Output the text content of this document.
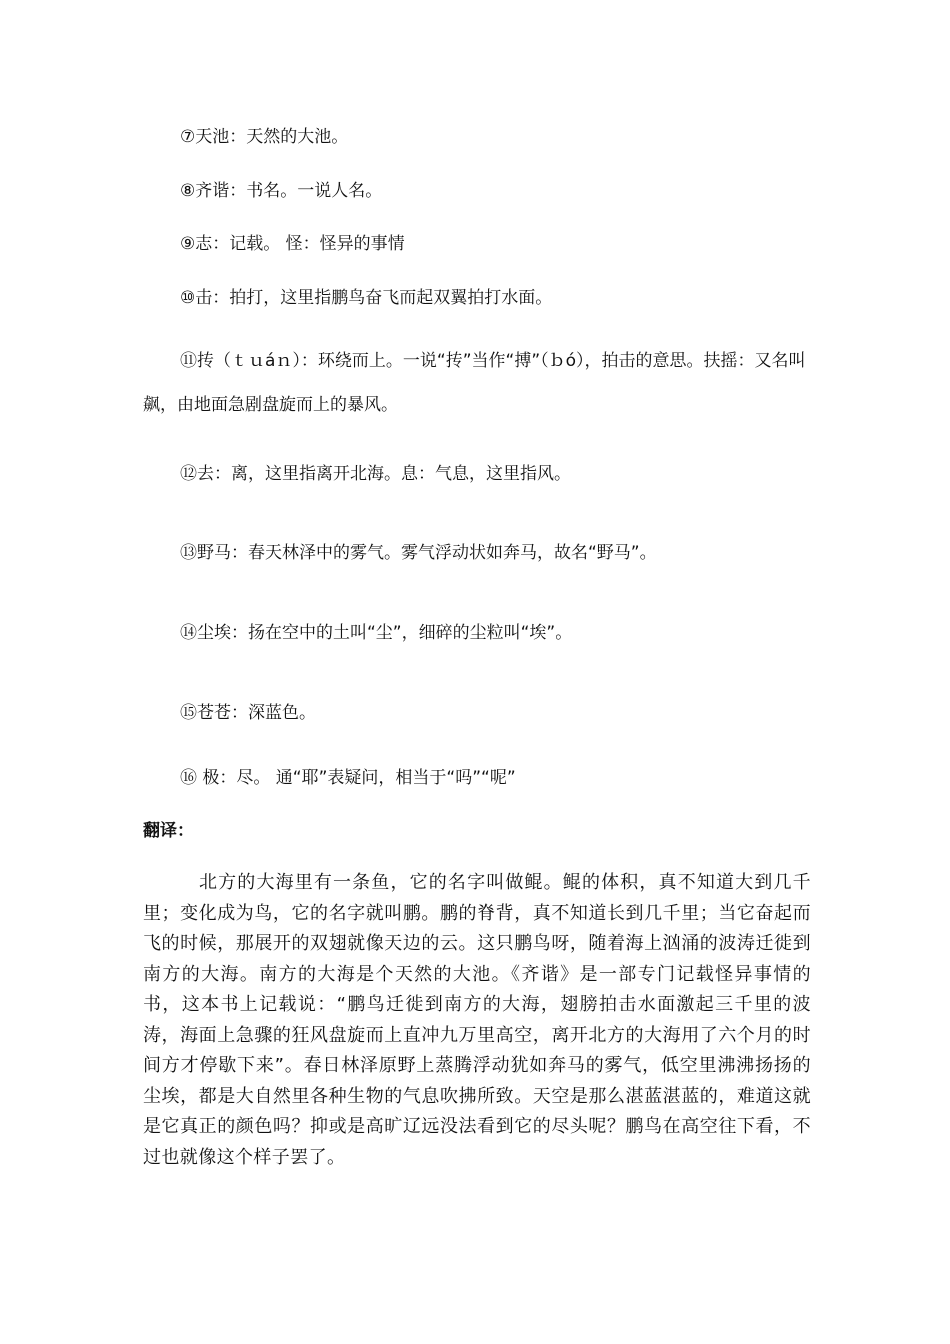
⑦天池：天然的大池。
⑧齐谐：书名。一说人名。
⑨志：记载。 怪：怪异的事情
⑩击：拍打，这里指鹏鸟奋飞而起双翼拍打水面。
⑪抟（ｔｕáｎ）：环绕而上。一说“抟”当作“搏”（ｂó），拍击的意思。扶摇：又名叫飙，由地面急剧盘旋而上的暴风。
⑫去：离，这里指离开北海。息：气息，这里指风。
⑬野马：春天林泽中的雾气。雾气浮动状如奔马，故名“野马”。
⑭尘埃：扬在空中的土叫“尘”，细碎的尘粒叫“埃”。
⑮苍苍：深蓝色。
⑯ 极：尽。 通“耶”表疑问，相当于“吗”“呢”
翻译：
北方的大海里有一条鱼，它的名字叫做鲲。鲲的体积，真不知道大到几千里；变化成为鸟，它的名字就叫鹏。鹏的脊背，真不知道长到几千里；当它奋起而飞的时候，那展开的双翅就像天边的云。这只鹏鸟呀，随着海上汹涌的波涛迁徙到南方的大海。南方的大海是个天然的大池。《齐谐》是一部专门记载怪异事情的书，这本书上记载说：“鹏鸟迁徙到南方的大海，翅膀拍击水面激起三千里的波涛，海面上急骤的狂风盘旋而上直冲九万里高空，离开北方的大海用了六个月的时间方才停歇下来”。春日林泽原野上蒸腾浮动犹如奔马的雾气，低空里沸沸扬扬的尘埃，都是大自然里各种生物的气息吹拂所致。天空是那么湛蓝湛蓝的，难道这就是它真正的颜色吗？抑或是高旷辽远没法看到它的尽头呢？鹏鸟在高空往下看，不过也就像这个样子罢了。
